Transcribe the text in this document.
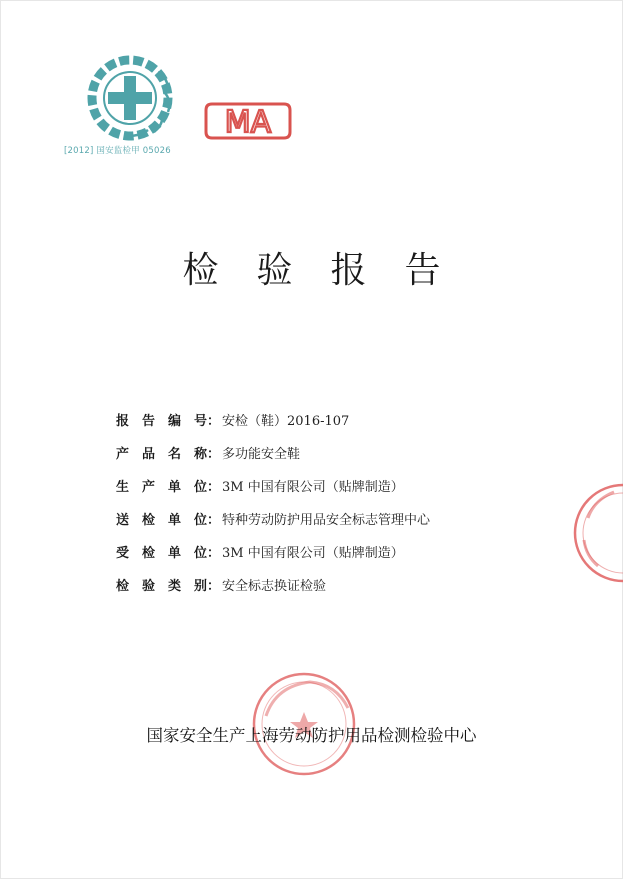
MA
[2012] 国安监检甲 05026
检验报告
报 告 编 号 ： 安检（鞋）2016-107
产 品 名 称 ： 多功能安全鞋
生 产 单 位 ： 3M 中国有限公司（贴牌制造）
送 检 单 位 ： 特种劳动防护用品安全标志管理中心
受 检 单 位 ： 3M 中国有限公司（贴牌制造）
检 验 类 别 ： 安全标志换证检验
国家安全生产上海劳动防护用品检测检验中心
